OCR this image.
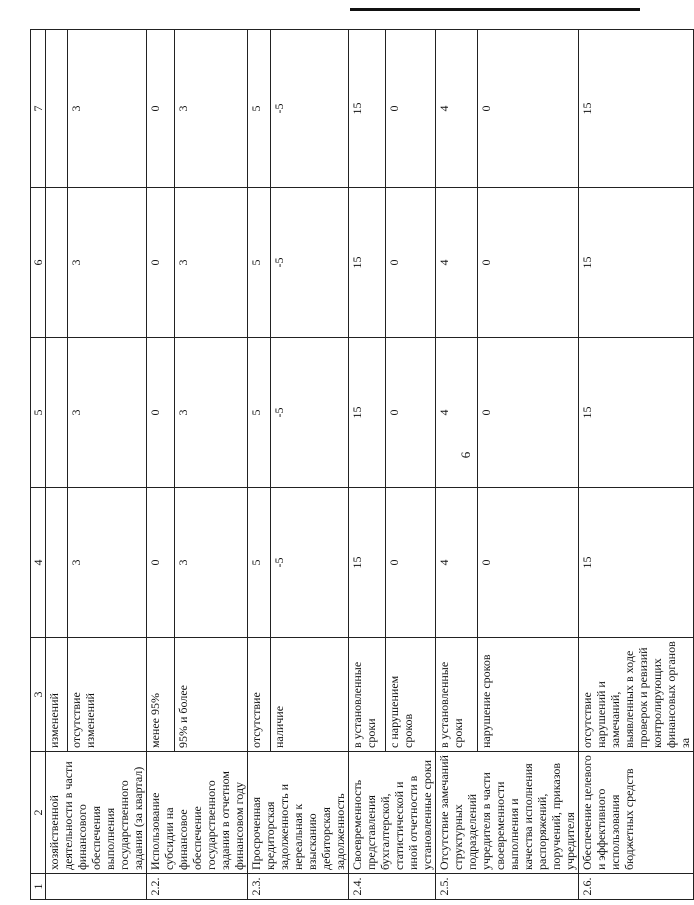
6
1	2	3	4	5	6	7
	хозяйственной деятельности в части финансового обеспечения выполнения государственного задания (за квартал)	изменений				
		отсутствие изменений	3	3	3	3
2.2.	Использование субсидии на финансовое обеспечение государственного задания в отчетном финансовом году	менее 95%	0	0	0	0
		95% и более	3	3	3	3
2.3.	Просроченная кредиторская задолженность и нереальная к взысканию дебиторская задолженность	отсутствие	5	5	5	5
		наличие	-5	-5	-5	-5
2.4.	Своевременность представления бухгалтерской, статистической и иной отчетности в установленные сроки	в установленные сроки	15	15	15	15
		с нарушением сроков	0	0	0	0
2.5.	Отсутствие замечаний структурных подразделений учредителя в части своевременности выполнения и качества исполнения распоряжений, поручений, приказов учредителя	в установленные сроки	4	4	4	4
		нарушение сроков	0	0	0	0
2.6.	Обеспечение целевого и эффективного использования бюджетных средств	отсутствие нарушений и замечаний, выявленных в ходе проверок и ревизий контролирующих финансовых органов за	15	15	15	15
